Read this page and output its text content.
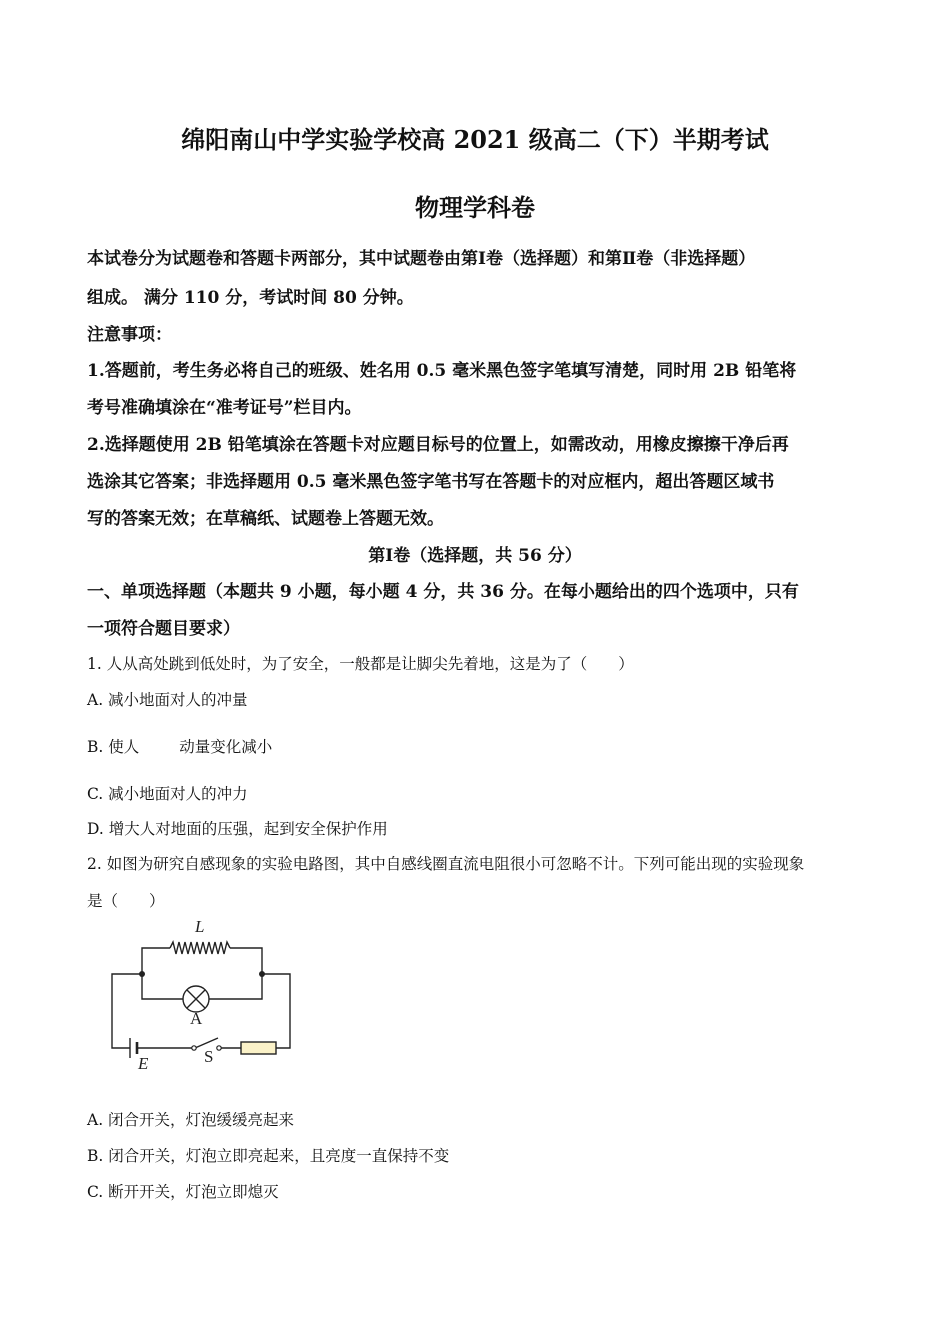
绵阳南山中学实验学校高 2021 级高二（下）半期考试
物理学科卷
本试卷分为试题卷和答题卡两部分，其中试题卷由第Ⅰ卷（选择题）和第Ⅱ卷（非选择题）
组成。 满分 110 分，考试时间 80 分钟。
注意事项：
1.答题前，考生务必将自己的班级、姓名用 0.5 毫米黑色签字笔填写清楚，同时用 2B 铅笔将
考号准确填涂在“准考证号”栏目内。
2.选择题使用 2B 铅笔填涂在答题卡对应题目标号的位置上，如需改动，用橡皮擦擦干净后再
选涂其它答案；非选择题用 0.5 毫米黑色签字笔书写在答题卡的对应框内，超出答题区域书
写的答案无效；在草稿纸、试题卷上答题无效。
第Ⅰ卷（选择题，共 56 分）
一、单项选择题（本题共 9 小题，每小题 4 分，共 36 分。在每小题给出的四个选项中，只有
一项符合题目要求）
1. 人从高处跳到低处时，为了安全，一般都是让脚尖先着地，这是为了（　　）
A. 减小地面对人的冲量
B. 使人	动量变化减小
C. 减小地面对人的冲力
D. 增大人对地面的压强，起到安全保护作用
2. 如图为研究自感现象的实验电路图，其中自感线圈直流电阻很小可忽略不计。下列可能出现的实验现象
是（　　）
L
A
S
E
A. 闭合开关，灯泡缓缓亮起来
B. 闭合开关，灯泡立即亮起来，且亮度一直保持不变
C. 断开开关，灯泡立即熄灭
